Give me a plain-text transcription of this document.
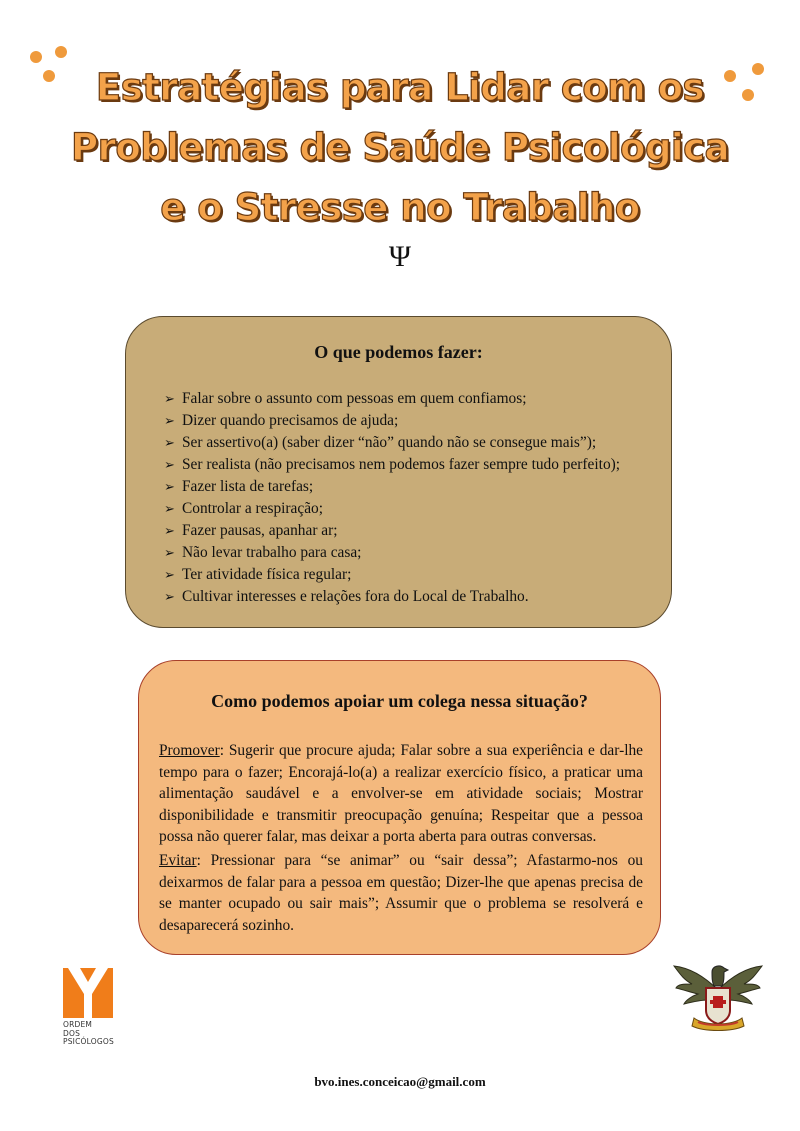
Estratégias para Lidar com os
Problemas de Saúde Psicológica
e o Stresse no Trabalho
Ψ
O que podemos fazer:
➢ Falar sobre o assunto com pessoas em quem confiamos;
➢ Dizer quando precisamos de ajuda;
➢ Ser assertivo(a) (saber dizer “não” quando não se consegue mais”);
➢ Ser realista (não precisamos nem podemos fazer sempre tudo perfeito);
➢ Fazer lista de tarefas;
➢ Controlar a respiração;
➢ Fazer pausas, apanhar ar;
➢ Não levar trabalho para casa;
➢ Ter atividade física regular;
➢ Cultivar interesses e relações fora do Local de Trabalho.
Como podemos apoiar um colega nessa situação?

Promover: Sugerir que procure ajuda; Falar sobre a sua experiência e dar-lhe tempo para o fazer; Encorajá-lo(a) a realizar exercício físico, a praticar uma alimentação saudável e a envolver-se em atividade sociais; Mostrar disponibilidade e transmitir preocupação genuína; Respeitar que a pessoa possa não querer falar, mas deixar a porta aberta para outras conversas.

Evitar: Pressionar para “se animar” ou “sair dessa”; Afastarmo-nos ou deixarmos de falar para a pessoa em questão; Dizer-lhe que apenas precisa de se manter ocupado ou sair mais”; Assumir que o problema se resolverá e desaparecerá sozinho.

ORDEM
DOS
PSICÓLOGOS
bvo.ines.conceicao@gmail.com
